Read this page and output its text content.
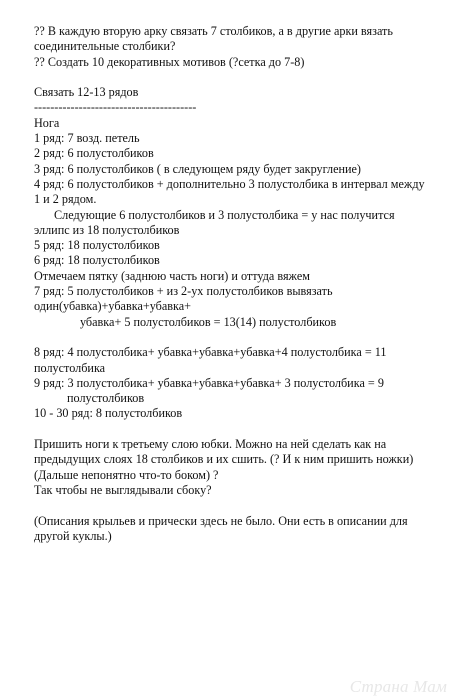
?? В каждую вторую арку связать 7 столбиков, а в другие арки вязать
соединительные столбики?
?? Создать 10 декоративных мотивов (?сетка до 7-8)
Связать 12-13 рядов
----------------------------------------
Нога
1 ряд: 7 возд. петель
2 ряд: 6 полустолбиков
3 ряд: 6 полустолбиков ( в следующем ряду будет закругление)
4 ряд: 6 полустолбиков + дополнительно 3 полустолбика в интервал между
1 и 2 рядом.
Следующие 6 полустолбиков и 3 полустолбика = у нас получится
эллипс из 18 полустолбиков
5 ряд: 18 полустолбиков
6 ряд: 18 полустолбиков
Отмечаем пятку (заднюю часть ноги) и оттуда вяжем
7 ряд: 5 полустолбиков + из 2-ух полустолбиков вывязать
один(убавка)+убавка+убавка+
убавка+ 5 полустолбиков = 13(14) полустолбиков
8 ряд: 4 полустолбика+ убавка+убавка+убавка+4 полустолбика = 11
полустолбика
9 ряд: 3 полустолбика+ убавка+убавка+убавка+ 3 полустолбика = 9
полустолбиков
10 - 30 ряд: 8 полустолбиков
Пришить ноги к третьему слою юбки. Можно на ней сделать как на
предыдущих слоях 18 столбиков и их сшить. (? И к ним пришить ножки)
(Дальше непонятно что-то боком) ?
Так чтобы не выглядывали сбоку?
(Описания крыльев и прически здесь не было. Они есть в описании для
другой куклы.)
Страна Мам
